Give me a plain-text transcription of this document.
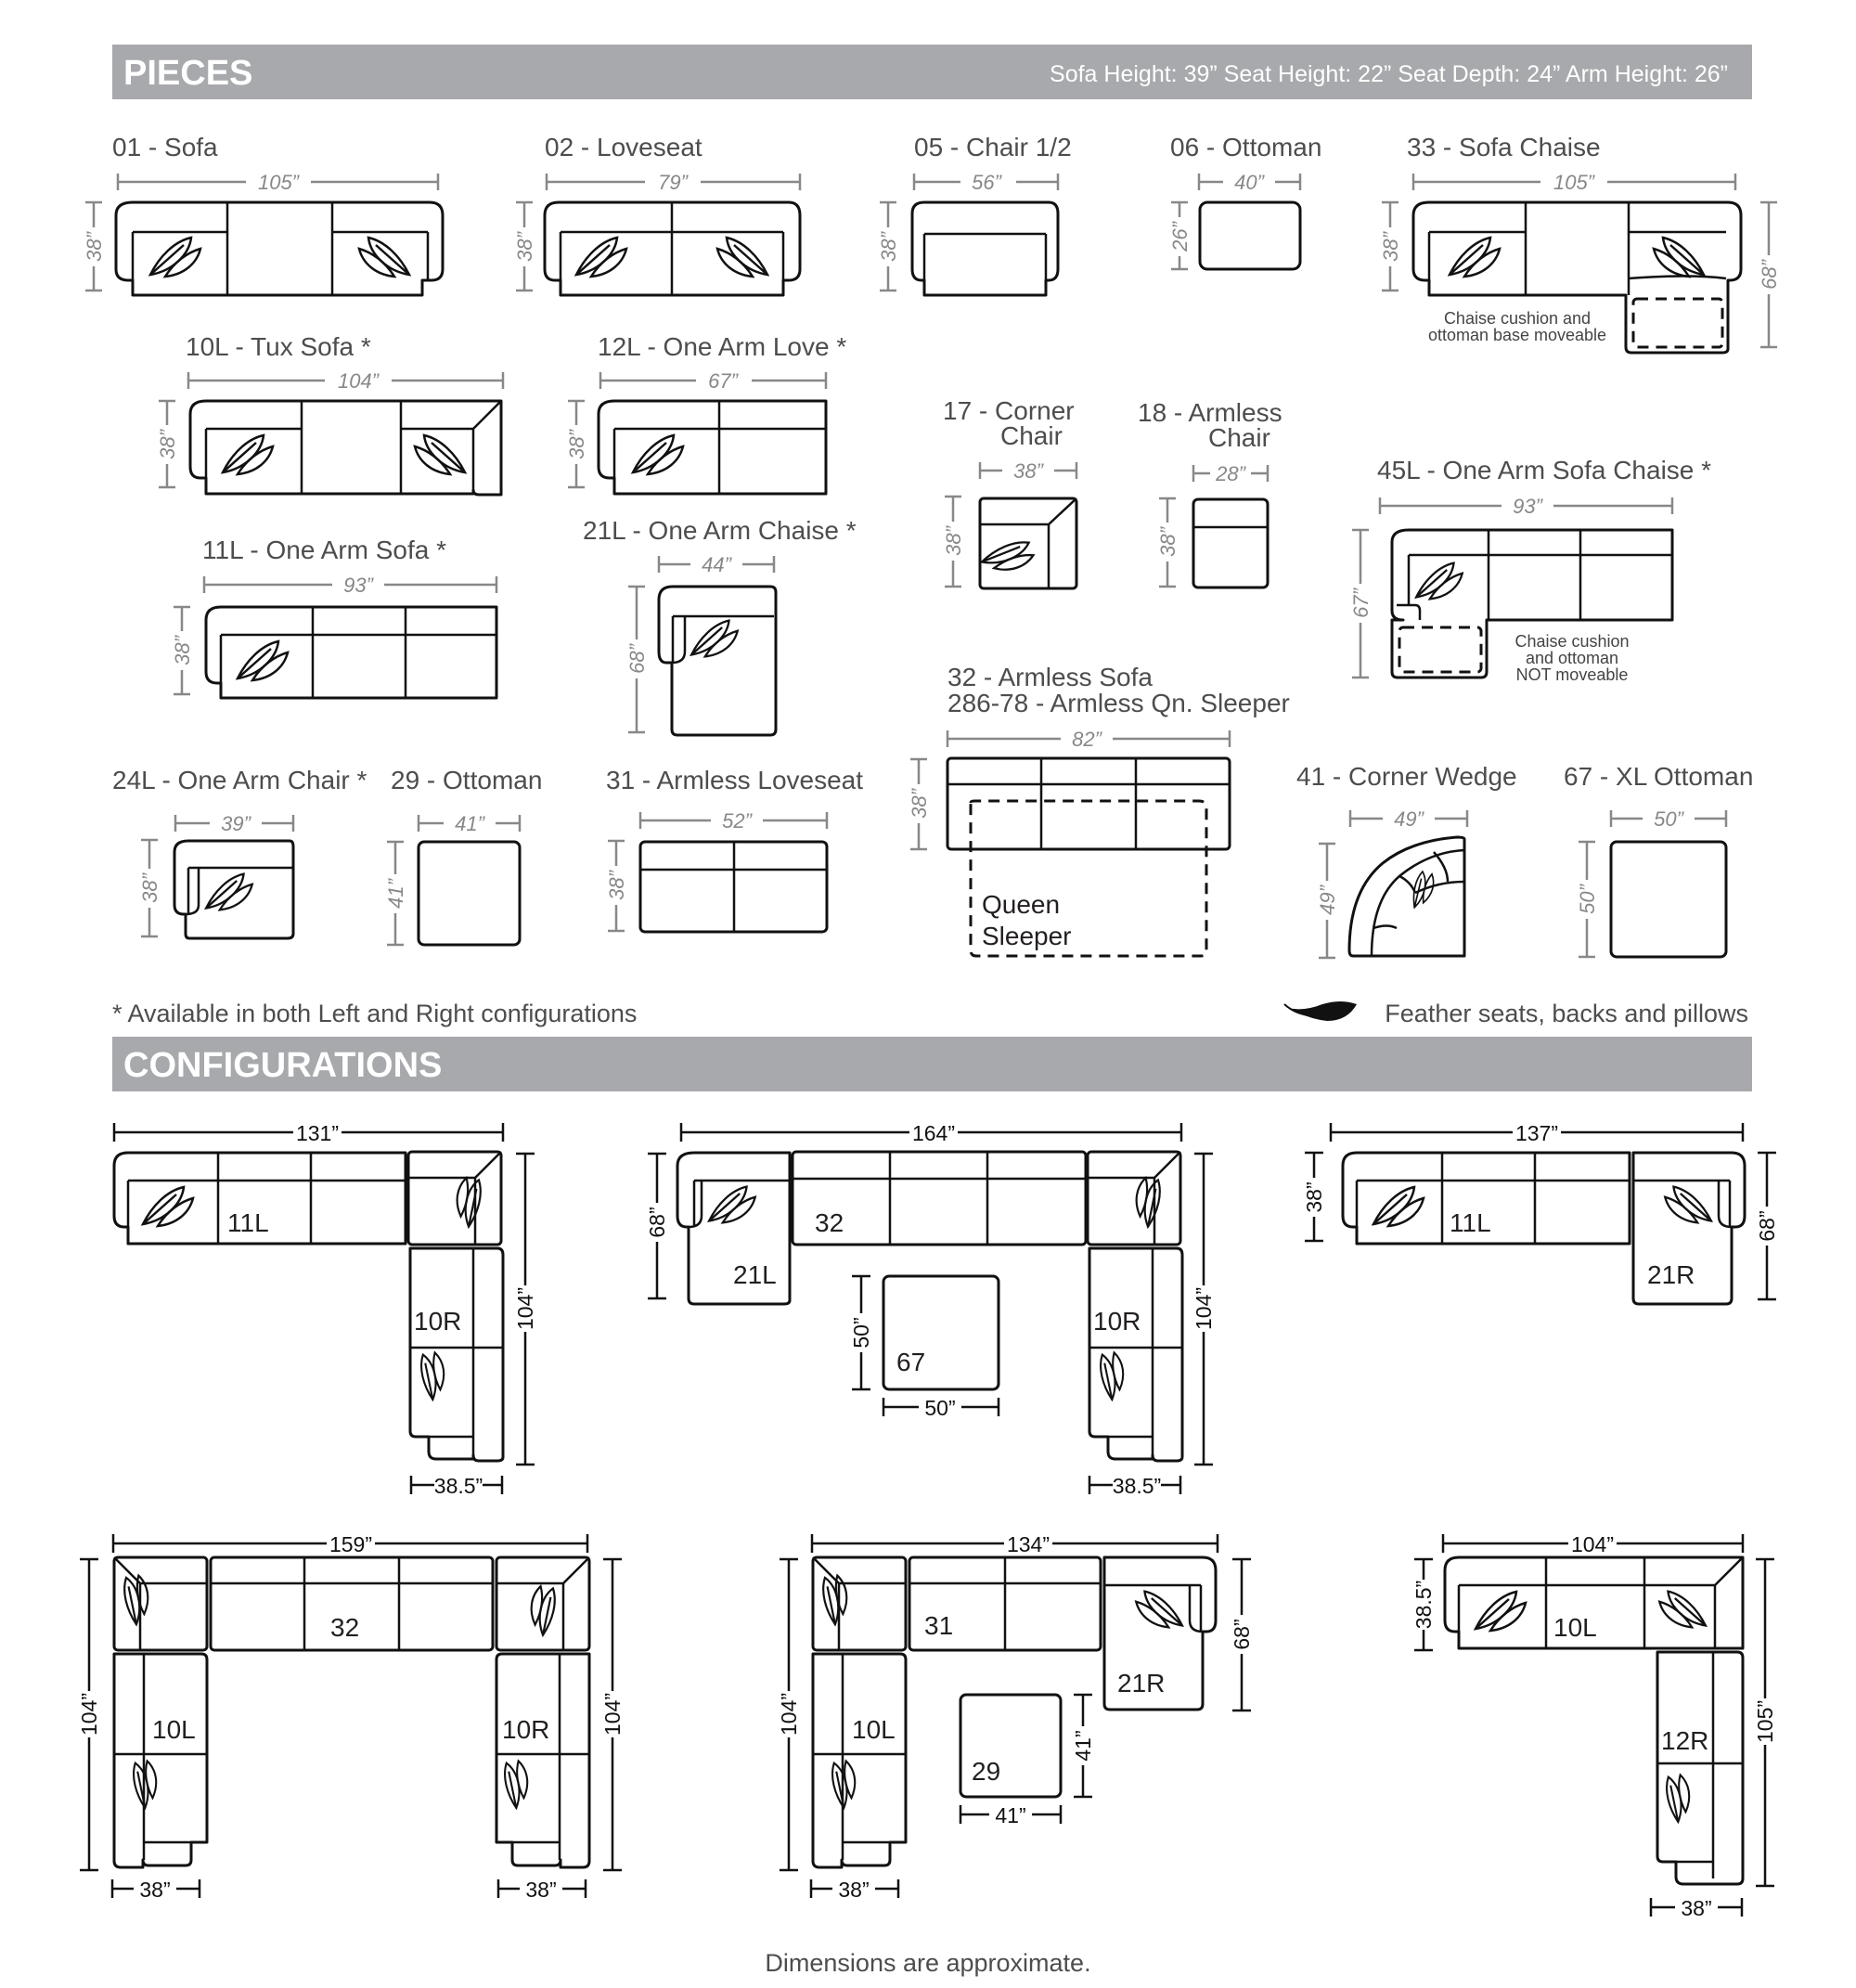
PIECES	Sofa Height: 39” Seat Height: 22” Seat Depth: 24” Arm Height: 26”
01 - Sofa
105”
38”
02 - Loveseat
79”
38”
05 - Chair 1/2
56”
38”
06 - Ottoman
40”
26”
33 - Sofa Chaise
105”
38”
68”
Chaise cushion and
ottoman base moveable
10L - Tux Sofa *
104”
38”
12L - One Arm Love *
67”
38”
17 - Corner
Chair
38”
38”
18 - Armless
Chair
28”
38”
45L - One Arm Sofa Chaise *
93”
67”
Chaise cushion
and ottoman
NOT moveable
11L - One Arm Sofa *
93”
38”
21L - One Arm Chaise *
44”
68”
32 - Armless Sofa
286-78 - Armless Qn. Sleeper
82”
38”
Queen
Sleeper
24L - One Arm Chair *
39”
38”
29 - Ottoman
41”
41”
31 - Armless Loveseat
52”
38”
41 - Corner Wedge
49”
49”
67 - XL Ottoman
50”
50”
* Available in both Left and Right configurations	Feather seats, backs and pillows
CONFIGURATIONS
131”
104”
38.5”
11L
10R
164”
68”
104”
38.5”
21L
32
10R
67
50”
50”
137”
38”
68”
11L
21R
159”
104”	104”
38”	38”
10L
32
10R
134”
104”
68”
38”
10L
31
21R
29
41”
41”
104”
38.5”
105”
38”
10L
12R
Dimensions are approximate.
